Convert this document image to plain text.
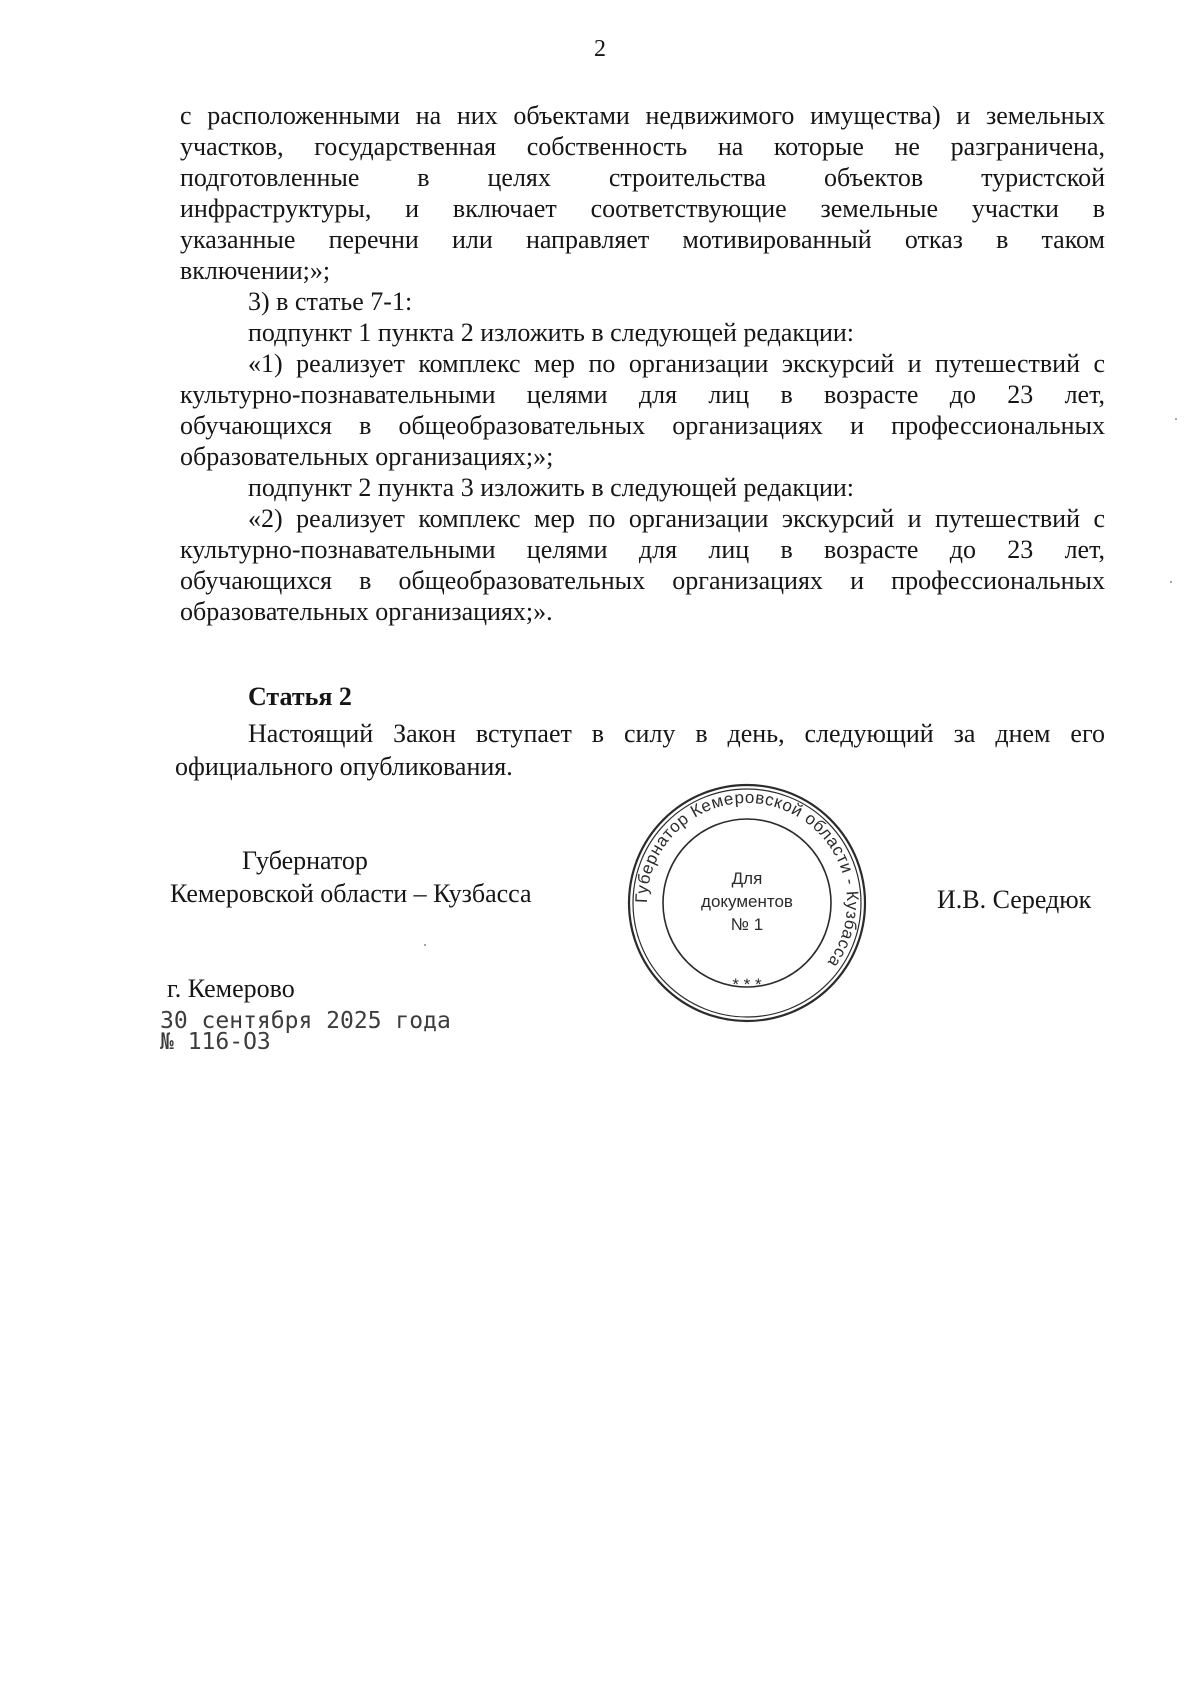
2

с расположенными на них объектами недвижимого имущества) и земельных

участков, государственная собственность на которые не разграничена,

подготовленные в целях строительства объектов туристской

инфраструктуры, и включает соответствующие земельные участки в

указанные перечни или направляет мотивированный отказ в таком

включении;»;

3) в статье 7-1:

подпункт 1 пункта 2 изложить в следующей редакции:

«1) реализует комплекс мер по организации экскурсий и путешествий с

культурно-познавательными целями для лиц в возрасте до 23 лет,

обучающихся в общеобразовательных организациях и профессиональных

образовательных организациях;»;

подпункт 2 пункта 3 изложить в следующей редакции:

«2) реализует комплекс мер по организации экскурсий и путешествий с

культурно-познавательными целями для лиц в возрасте до 23 лет,

обучающихся в общеобразовательных организациях и профессиональных

образовательных организациях;».

Статья 2

Настоящий Закон вступает в силу в день, следующий за днем его официального опубликования.

Губернатор
Кемеровской области – Кузбасса	Губернатор Кемеровской области - Кузбасса
Для
документов
№ 1
* * *
И.В. Середюк
г. Кемерово
30 сентября 2025 года
№ 116-ОЗ
